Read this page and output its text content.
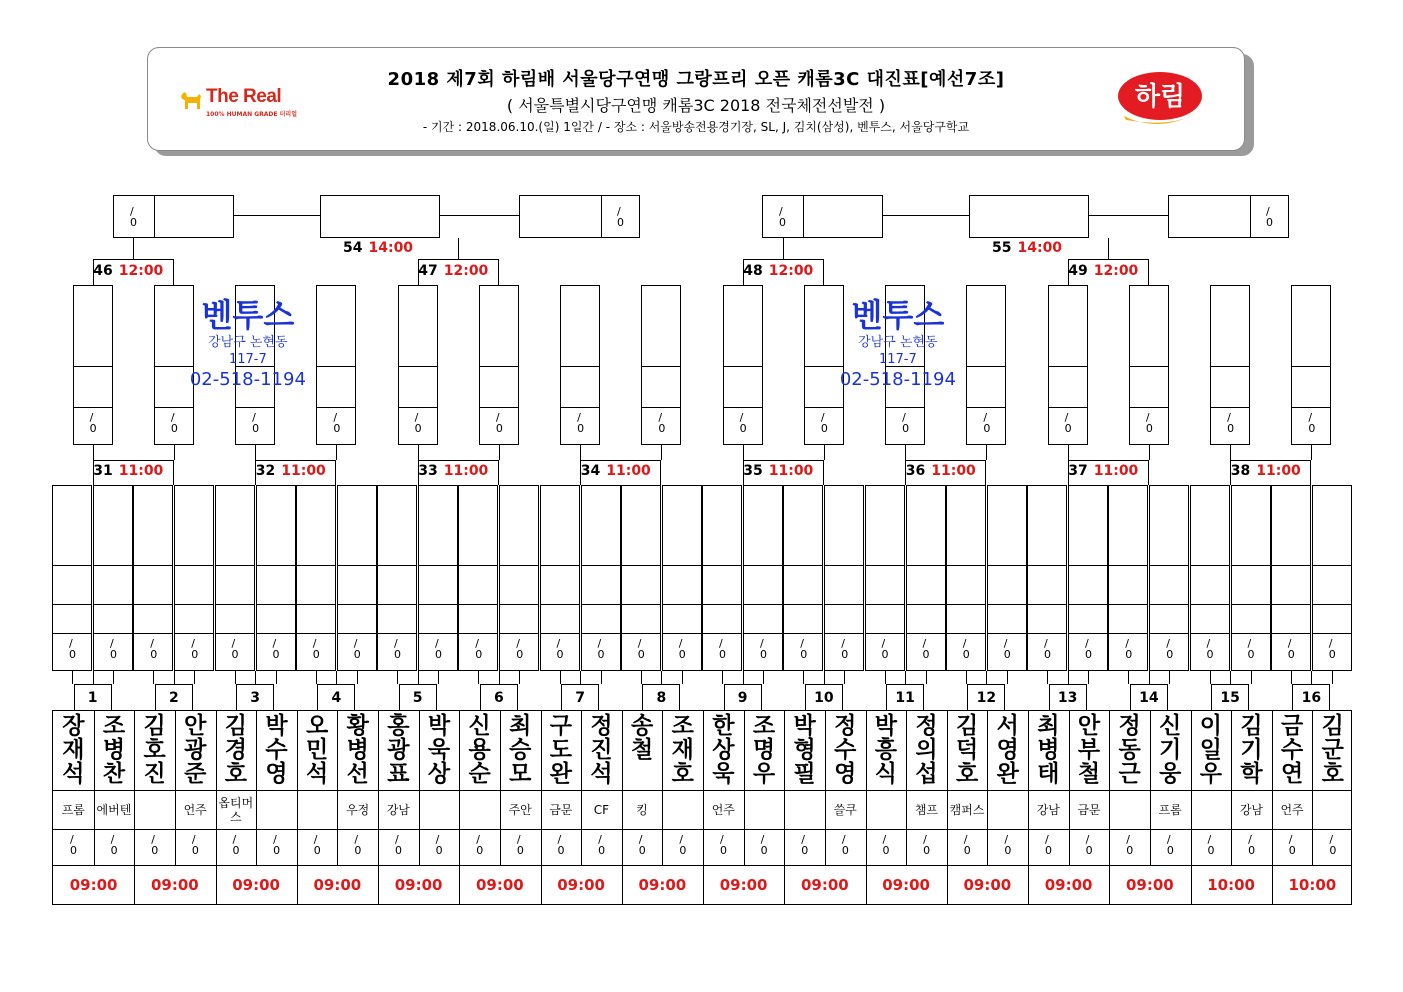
The Real
100% HUMAN GRADE 더리얼
2018 제7회 하림배 서울당구연맹 그랑프리 오픈 캐롬3C 대진표[예선7조]
( 서울특별시당구연맹 캐롬3C 2018 전국체전선발전 )
- 기간 : 2018.06.10.(일) 1일간 / - 장소 : 서울방송전용경기장, SL, J, 김치(삼성), 벤투스, 서울당구학교
하림
/
0
/
0
1
/
0
/
0
2
/
0
/
0
3
/
0
/
0
4
/
0
/
0
5
/
0
/
0
6
/
0
/
0
7
/
0
/
0
8
/
0
/
0
9
/
0
/
0
10
/
0
/
0
11
/
0
/
0
12
/
0
/
0
13
/
0
/
0
14
/
0
/
0
15
/
0
/
0
16
31 11:00
/
0
/
0
32 11:00
/
0
/
0
33 11:00
/
0
/
0
34 11:00
/
0
/
0
35 11:00
/
0
/
0
36 11:00
/
0
/
0
37 11:00
/
0
/
0
38 11:00
/
0
/
0
46 12:00
벤투스
강남구 논현동
117-7
02-518-1194
47 12:00	48 12:00
벤투스
강남구 논현동
117-7
02-518-1194
49 12:00
/
0
/
0
54 14:00
/
0
/
0
55 14:00
장
재
석
프롬
/
0
조
병
찬
에버텐
/
0
09:00
김
호
진
/
0
안
광
준
언주
/
0
09:00
김
경
호
옵티머스
/
0
박
수
영
/
0
09:00
오
민
석
/
0
황
병
선
우정
/
0
09:00
홍
광
표
강남
/
0
박
욱
상
/
0
09:00
신
용
순
/
0
최
승
모
주안
/
0
09:00
구
도
완
금문
/
0
정
진
석
CF
/
0
09:00
송
철
킹
/
0
조
재
호
/
0
09:00
한
상
욱
언주
/
0
조
명
우
/
0
09:00
박
형
필
/
0
정
수
영
쓸쿠
/
0
09:00
박
흥
식
/
0
정
의
섭
챔프
/
0
09:00
김
덕
호
캠퍼스
/
0
서
영
완
/
0
09:00
최
병
태
강남
/
0
안
부
철
금문
/
0
09:00
정
동
근
/
0
신
기
웅
프롬
/
0
09:00
이
일
우
/
0
김
기
학
강남
/
0
10:00
금
수
연
언주
/
0
김
군
호
/
0
10:00
